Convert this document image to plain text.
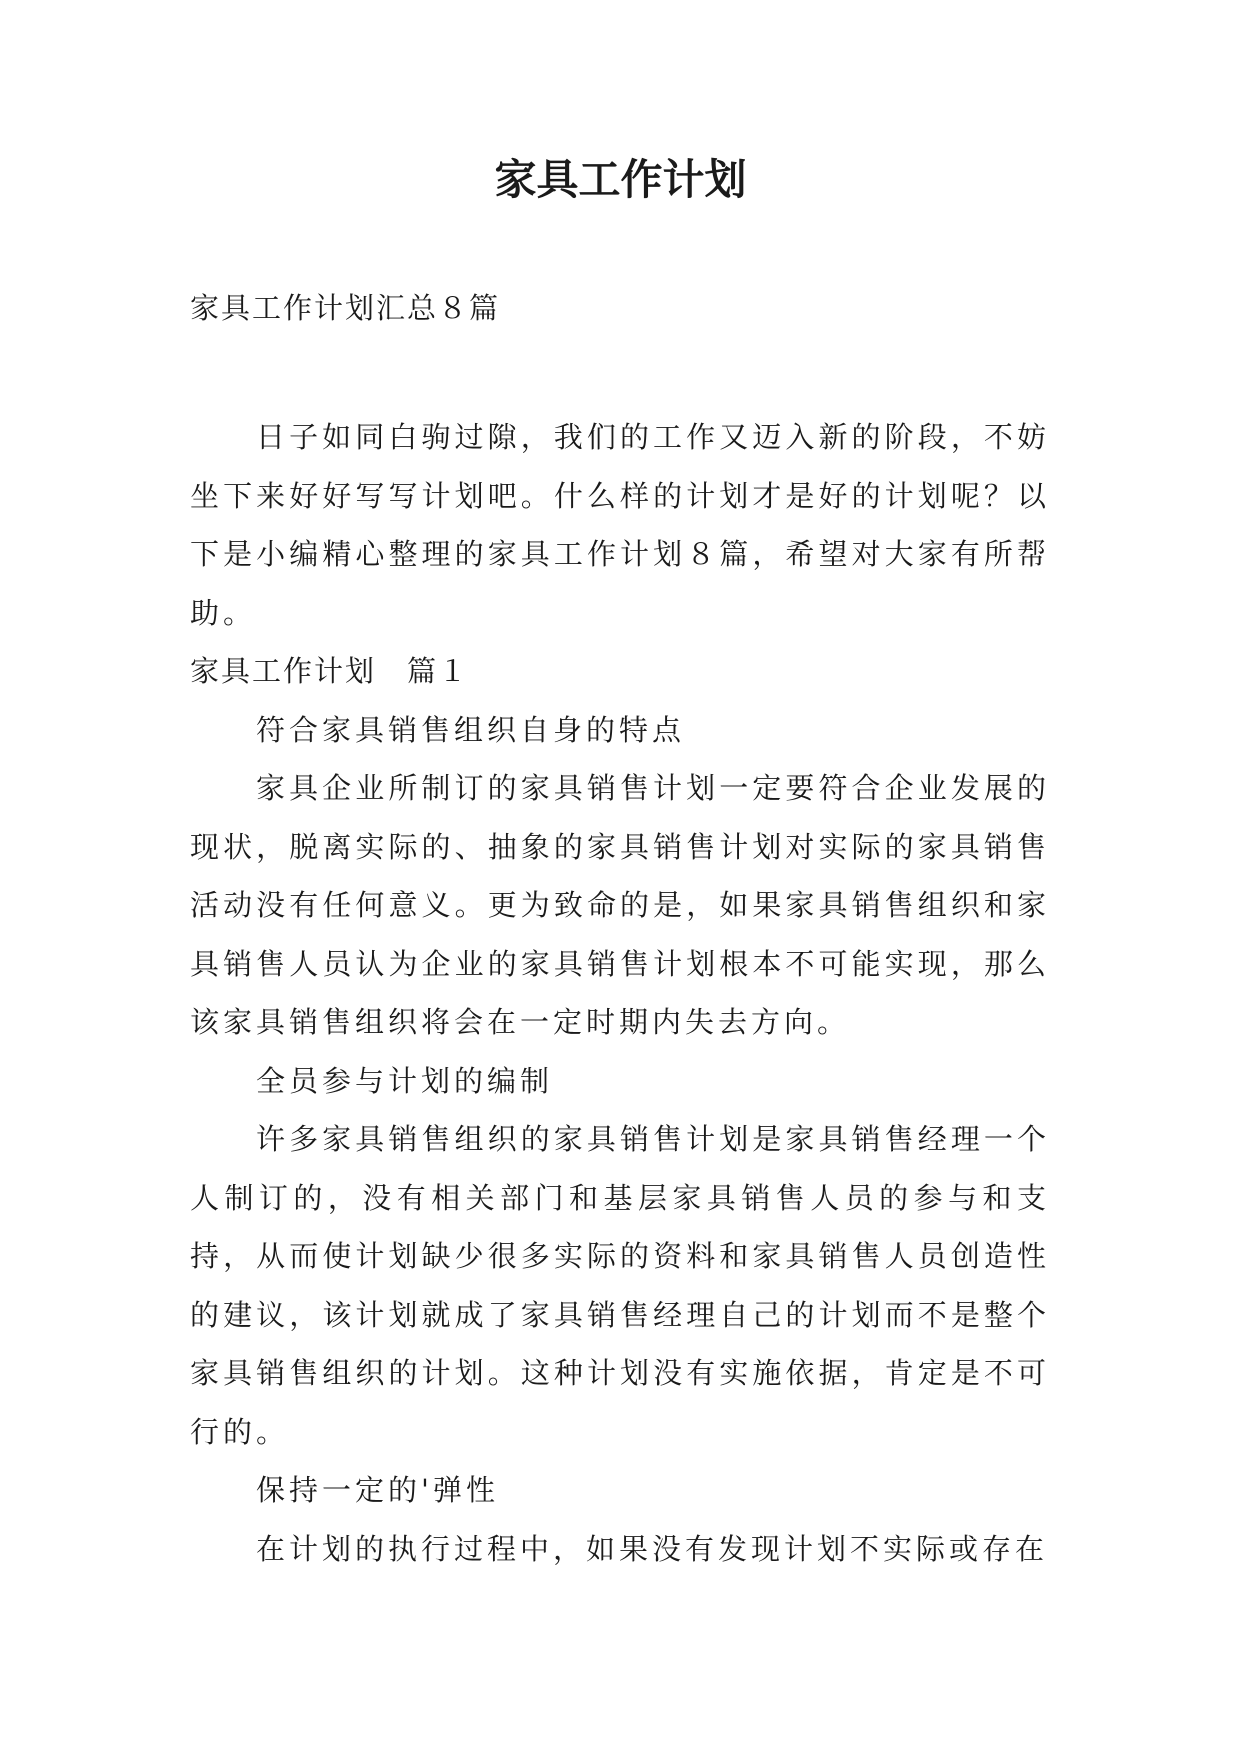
家具工作计划

家具工作计划汇总８篇

日子如同白驹过隙，我们的工作又迈入新的阶段，不妨坐下来好好写写计划吧。什么样的计划才是好的计划呢？以下是小编精心整理的家具工作计划８篇，希望对大家有所帮助。

家具工作计划　篇１

符合家具销售组织自身的特点

家具企业所制订的家具销售计划一定要符合企业发展的现状，脱离实际的、抽象的家具销售计划对实际的家具销售活动没有任何意义。更为致命的是，如果家具销售组织和家具销售人员认为企业的家具销售计划根本不可能实现，那么该家具销售组织将会在一定时期内失去方向。

全员参与计划的编制

许多家具销售组织的家具销售计划是家具销售经理一个人制订的，没有相关部门和基层家具销售人员的参与和支持，从而使计划缺少很多实际的资料和家具销售人员创造性的建议，该计划就成了家具销售经理自己的计划而不是整个家具销售组织的计划。这种计划没有实施依据，肯定是不可行的。

保持一定的'弹性

在计划的执行过程中，如果没有发现计划不实际或存在
